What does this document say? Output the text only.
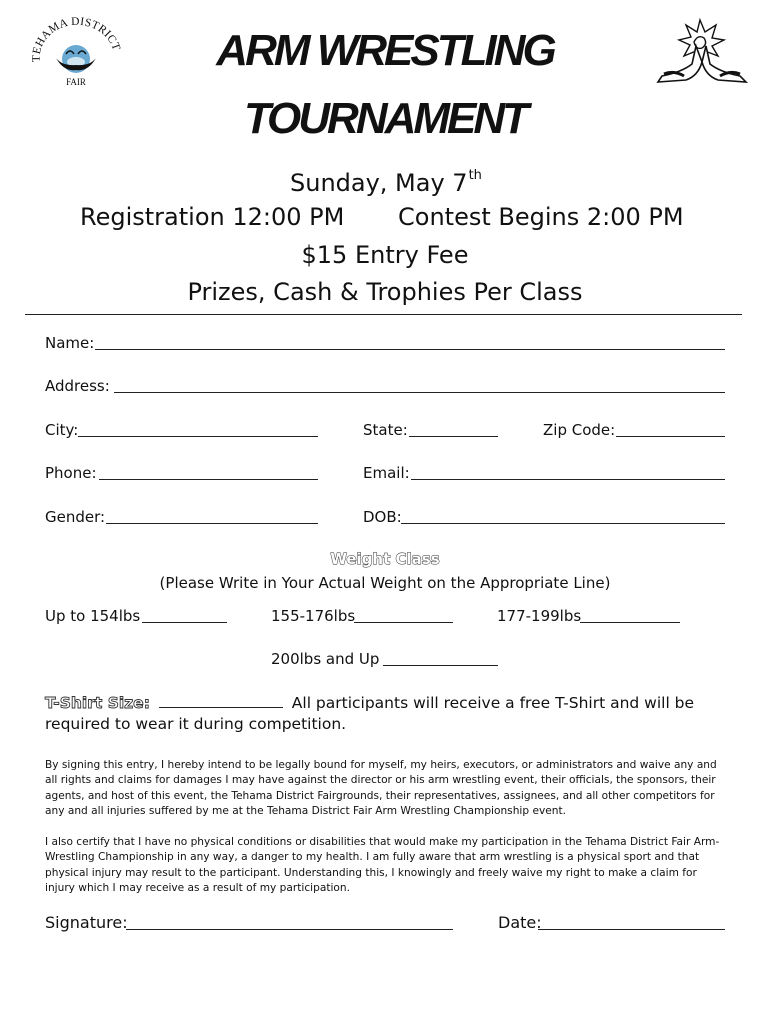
TEHAMA DISTRICT
FAIR
ARM WRESTLING
TOURNAMENT
Sunday, May 7th
Registration 12:00 PM Contest Begins 2:00 PM
$15 Entry Fee
Prizes, Cash & Trophies Per Class
Name:
Address:
City:	State:	Zip Code:
Phone:	Email:
Gender:	DOB:
Weight Class
(Please Write in Your Actual Weight on the Appropriate Line)
Up to 154lbs	155-176lbs	177-199lbs
200lbs and Up
T-Shirt Size:	All participants will receive a free T-Shirt and will be required to wear it during competition.
By signing this entry, I hereby intend to be legally bound for myself, my heirs, executors, or administrators and waive any and all rights and claims for damages I may have against the director or his arm wrestling event, their officials, the sponsors, their agents, and host of this event, the Tehama District Fairgrounds, their representatives, assignees, and all other competitors for any and all injuries suffered by me at the Tehama District Fair Arm Wrestling Championship event.
I also certify that I have no physical conditions or disabilities that would make my participation in the Tehama District Fair Arm-Wrestling Championship in any way, a danger to my health. I am fully aware that arm wrestling is a physical sport and that physical injury may result to the participant. Understanding this, I knowingly and freely waive my right to make a claim for injury which I may receive as a result of my participation.
Signature:	Date:
